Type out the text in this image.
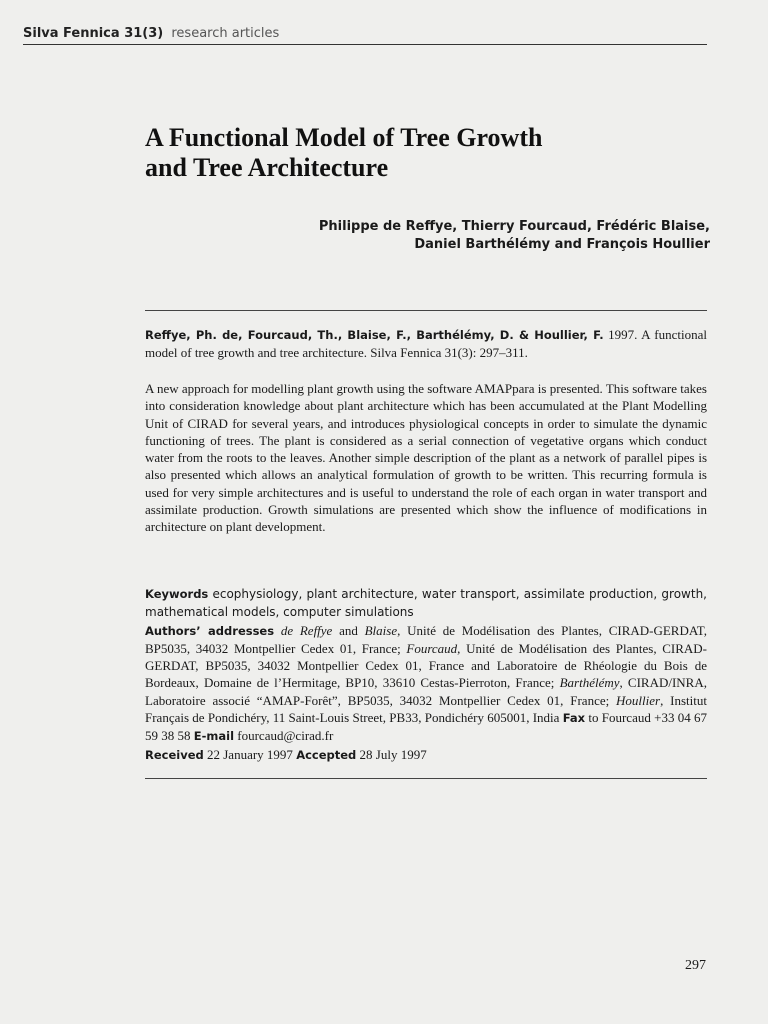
Silva Fennica 31(3) research articles
A Functional Model of Tree Growth
and Tree Architecture
Philippe de Reffye, Thierry Fourcaud, Frédéric Blaise,
Daniel Barthélémy and François Houllier
Reffye, Ph. de, Fourcaud, Th., Blaise, F., Barthélémy, D. & Houllier, F. 1997. A functional model of tree growth and tree architecture. Silva Fennica 31(3): 297–311.
A new approach for modelling plant growth using the software AMAPpara is presented. This software takes into consideration knowledge about plant architecture which has been accumulated at the Plant Modelling Unit of CIRAD for several years, and introduces physiological concepts in order to simulate the dynamic functioning of trees. The plant is considered as a serial connection of vegetative organs which conduct water from the roots to the leaves. Another simple description of the plant as a network of parallel pipes is also presented which allows an analytical formulation of growth to be written. This recurring formula is used for very simple architectures and is useful to understand the role of each organ in water transport and assimilate production. Growth simulations are presented which show the influence of modifications in architecture on plant development.
Keywords ecophysiology, plant architecture, water transport, assimilate production, growth, mathematical models, computer simulations
Authors’ addresses de Reffye and Blaise, Unité de Modélisation des Plantes, CIRAD-GERDAT, BP5035, 34032 Montpellier Cedex 01, France; Fourcaud, Unité de Modélisation des Plantes, CIRAD-GERDAT, BP5035, 34032 Montpellier Cedex 01, France and Laboratoire de Rhéologie du Bois de Bordeaux, Domaine de l’Hermitage, BP10, 33610 Cestas-Pierroton, France; Barthélémy, CIRAD/INRA, Laboratoire associé “AMAP-Forêt”, BP5035, 34032 Montpellier Cedex 01, France; Houllier, Institut Français de Pondichéry, 11 Saint-Louis Street, PB33, Pondichéry 605001, India Fax to Fourcaud +33 04 67 59 38 58 E-mail fourcaud@cirad.fr
Received 22 January 1997 Accepted 28 July 1997
297
